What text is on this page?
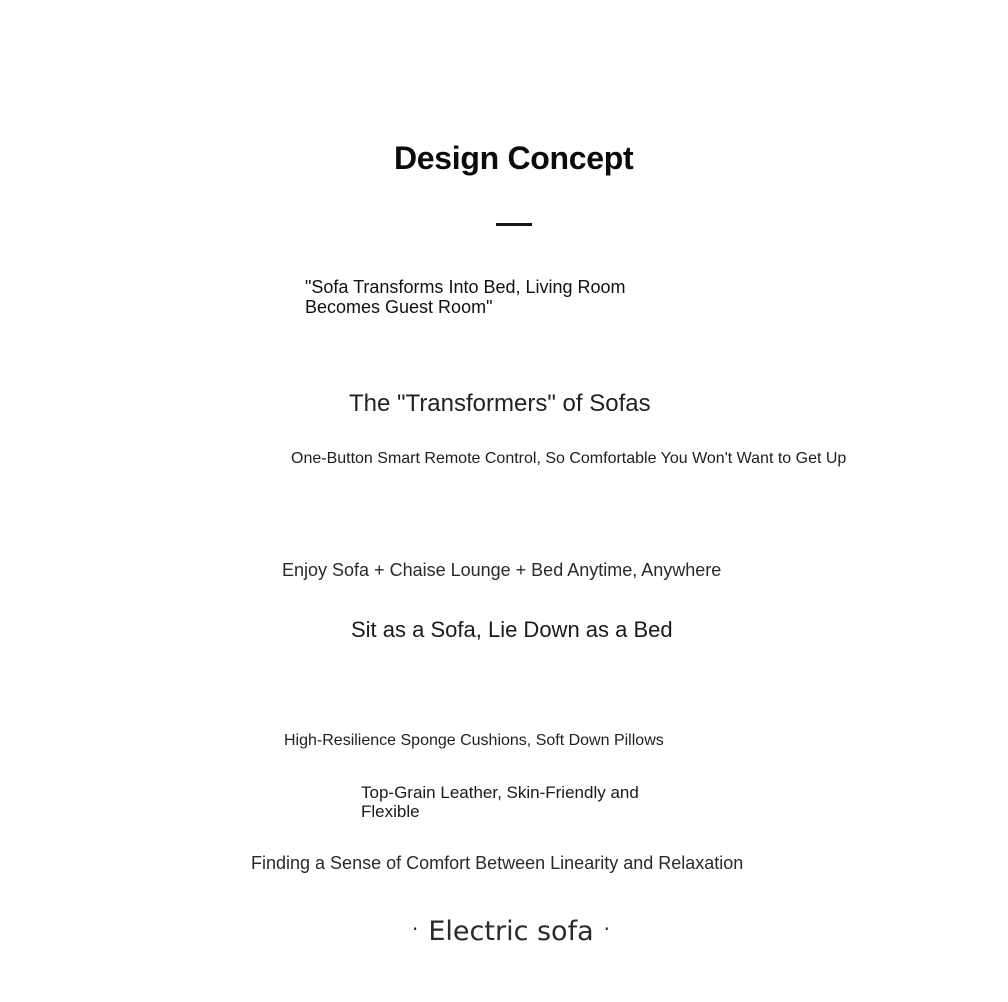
Design Concept

"Sofa Transforms Into Bed, Living Room Becomes Guest Room"

The "Transformers" of Sofas

One-Button Smart Remote Control, So Comfortable You Won't Want to Get Up

Enjoy Sofa + Chaise Lounge + Bed Anytime, Anywhere

Sit as a Sofa, Lie Down as a Bed

High-Resilience Sponge Cushions, Soft Down Pillows

Top-Grain Leather, Skin-Friendly and Flexible

Finding a Sense of Comfort Between Linearity and Relaxation

· Electric sofa ·
